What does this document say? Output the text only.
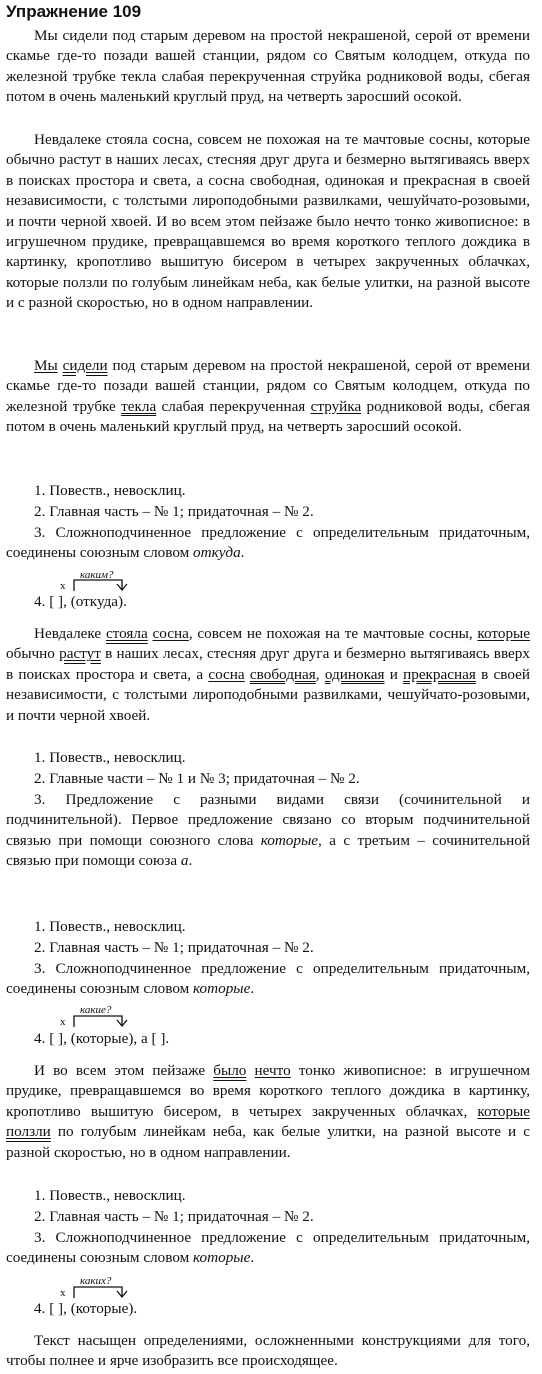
Упражнение 109

Мы сидели под старым деревом на простой некрашеной, серой от времени скамье где-то позади вашей станции, рядом со Святым колодцем, откуда по железной трубке текла слабая перекрученная струйка родниковой воды, сбегая потом в очень маленький круглый пруд, на четверть заросший осокой.

Невдалеке стояла сосна, совсем не похожая на те мачтовые сосны, которые обычно растут в наших лесах, стесняя друг друга и безмерно вытягиваясь вверх в поисках простора и света, а сосна свободная, одинокая и прекрасная в своей независимости, с толстыми лироподобными развилками, чешуйчато-розовыми, и почти черной хвоей. И во всем этом пейзаже было нечто тонко живописное: в игрушечном прудике, превращавшемся во время короткого теплого дождика в картинку, кропотливо вышитую бисером в четырех закрученных облачках, которые ползли по голубым линейкам неба, как белые улитки, на разной высоте и с разной скоростью, но в одном направлении.

Мы сидели под старым деревом на простой некрашеной, серой от времени скамье где-то позади вашей станции, рядом со Святым колодцем, откуда по железной трубке текла слабая перекрученная струйка родниковой воды, сбегая потом в очень маленький круглый пруд, на четверть заросший осокой.

1. Повеств., невосклиц.

2. Главная часть – № 1; придаточная – № 2.

3. Сложноподчиненное предложение с определительным придаточным, соединены союзным словом откуда.

каким?
х

4. [ ], (откуда).

Невдалеке стояла сосна, совсем не похожая на те мачтовые сосны, которые обычно растут в наших лесах, стесняя друг друга и безмерно вытягиваясь вверх в поисках простора и света, а сосна свободная, одинокая и прекрасная в своей независимости, с толстыми лироподобными развилками, чешуйчато-розовыми, и почти черной хвоей.

1. Повеств., невосклиц.

2. Главные части – № 1 и № 3; придаточная – № 2.

3. Предложение с разными видами связи (сочинительной и подчинительной). Первое предложение связано со вторым подчинительной связью при помощи союзного слова которые, а с третьим – сочинительной связью при помощи союза а.

1. Повеств., невосклиц.

2. Главная часть – № 1; придаточная – № 2.

3. Сложноподчиненное предложение с определительным придаточным, соединены союзным словом которые.

какие?
х

4. [ ], (которые), а [ ].

И во всем этом пейзаже было нечто тонко живописное: в игрушечном прудике, превращавшемся во время короткого теплого дождика в картинку, кропотливо вышитую бисером, в четырех закрученных облачках, которые ползли по голубым линейкам неба, как белые улитки, на разной высоте и с разной скоростью, но в одном направлении.

1. Повеств., невосклиц.

2. Главная часть – № 1; придаточная – № 2.

3. Сложноподчиненное предложение с определительным придаточным, соединены союзным словом которые.

каких?
х

4. [ ], (которые).

Текст насыщен определениями, осложненными конструкциями для того, чтобы полнее и ярче изобразить все происходящее.
